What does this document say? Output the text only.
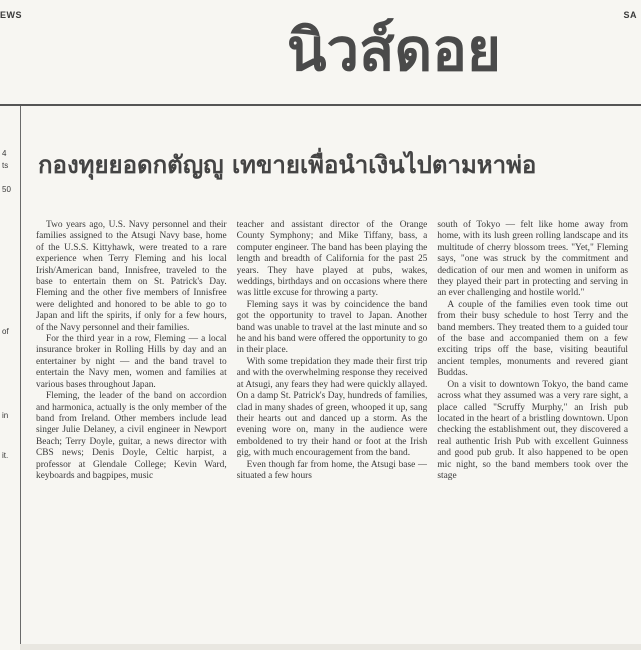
EWS	SA
นิวส์ดอย
4
ts
50
of
in
it.
กองทุยยอดกตัญญู เทขายเพื่อนำเงินไปตามหาพ่อ

Two years ago, U.S. Navy personnel and their families assigned to the Atsugi Navy base, home of the U.S.S. Kittyhawk, were treated to a rare experience when Terry Fleming and his local Irish/American band, Innisfree, traveled to the base to entertain them on St. Patrick's Day. Fleming and the other five members of Innisfree were delighted and honored to be able to go to Japan and lift the spirits, if only for a few hours, of the Navy personnel and their families.

For the third year in a row, Fleming — a local insurance broker in Rolling Hills by day and an entertainer by night — and the band travel to entertain the Navy men, women and families at various bases throughout Japan.

Fleming, the leader of the band on accordion and harmonica, actually is the only member of the band from Ireland. Other members include lead singer Julie Delaney, a civil engineer in Newport Beach; Terry Doyle, guitar, a news director with CBS news; Denis Doyle, Celtic harpist, a professor at Glendale College; Kevin Ward, keyboards and bagpipes, music

teacher and assistant director of the Orange County Symphony; and Mike Tiffany, bass, a computer engineer. The band has been playing the length and breadth of California for the past 25 years. They have played at pubs, wakes, weddings, birthdays and on occasions where there was little excuse for throwing a party.

Fleming says it was by coincidence the band got the opportunity to travel to Japan. Another band was unable to travel at the last minute and so he and his band were offered the opportunity to go in their place.

With some trepidation they made their first trip and with the overwhelming response they received at Atsugi, any fears they had were quickly allayed. On a damp St. Patrick's Day, hundreds of families, clad in many shades of green, whooped it up, sang their hearts out and danced up a storm. As the evening wore on, many in the audience were emboldened to try their hand or foot at the Irish gig, with much encouragement from the band.

Even though far from home, the Atsugi base — situated a few hours

south of Tokyo — felt like home away from home, with its lush green rolling landscape and its multitude of cherry blossom trees. "Yet," Fleming says, "one was struck by the commitment and dedication of our men and women in uniform as they played their part in protecting and serving in an ever challenging and hostile world."

A couple of the families even took time out from their busy schedule to host Terry and the band members. They treated them to a guided tour of the base and accompanied them on a few exciting trips off the base, visiting beautiful ancient temples, monuments and revered giant Buddas.

On a visit to downtown Tokyo, the band came across what they assumed was a very rare sight, a place called "Scruffy Murphy," an Irish pub located in the heart of a bristling downtown. Upon checking the establishment out, they discovered a real authentic Irish Pub with excellent Guinness and good pub grub. It also happened to be open mic night, so the band members took over the stage
